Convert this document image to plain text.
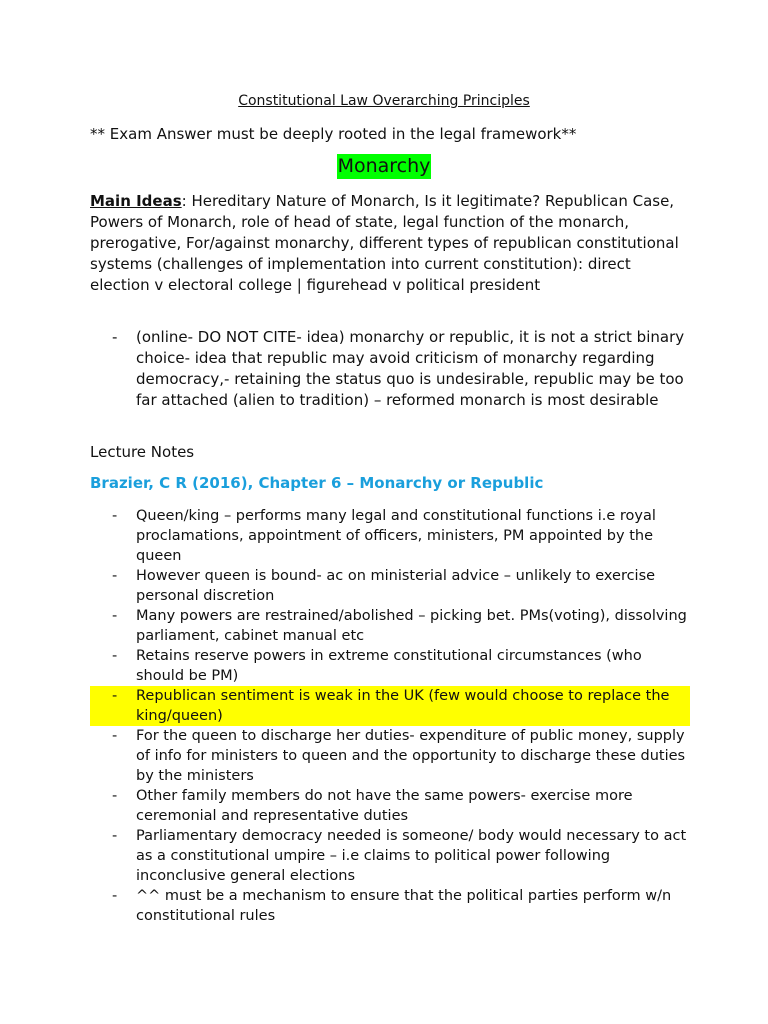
Constitutional Law Overarching Principles
** Exam Answer must be deeply rooted in the legal framework**
Monarchy
Main Ideas: Hereditary Nature of Monarch, Is it legitimate? Republican Case, Powers of Monarch, role of head of state, legal function of the monarch, prerogative, For/against monarchy, different types of republican constitutional systems (challenges of implementation into current constitution): direct election v electoral college | figurehead v political president
- (online- DO NOT CITE- idea) monarchy or republic, it is not a strict binary choice- idea that republic may avoid criticism of monarchy regarding democracy,- retaining the status quo is undesirable, republic may be too far attached (alien to tradition) – reformed monarch is most desirable
Lecture Notes
Brazier, C R (2016), Chapter 6 – Monarchy or Republic
- Queen/king – performs many legal and constitutional functions i.e royal proclamations, appointment of officers, ministers, PM appointed by the queen
- However queen is bound- ac on ministerial advice – unlikely to exercise personal discretion
- Many powers are restrained/abolished – picking bet. PMs(voting), dissolving parliament, cabinet manual etc
- Retains reserve powers in extreme constitutional circumstances (who should be PM)
- Republican sentiment is weak in the UK (few would choose to replace the king/queen)
- For the queen to discharge her duties- expenditure of public money, supply of info for ministers to queen and the opportunity to discharge these duties by the ministers
- Other family members do not have the same powers- exercise more ceremonial and representative duties
- Parliamentary democracy needed is someone/ body would necessary to act as a constitutional umpire – i.e claims to political power following inconclusive general elections
- ^^ must be a mechanism to ensure that the political parties perform w/n constitutional rules
